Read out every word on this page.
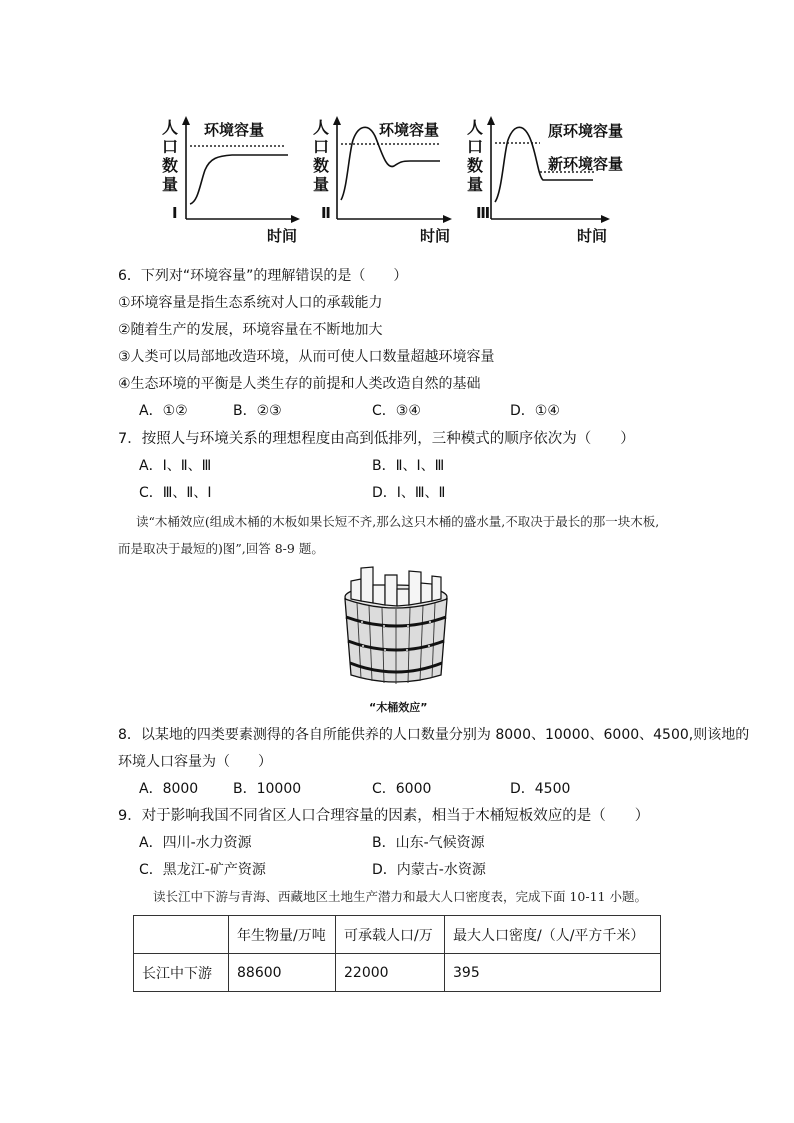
人
口
数
量
Ⅰ
环境容量
时间
人
口
数
量
Ⅱ
环境容量
时间
人
口
数
量
Ⅲ
原环境容量
新环境容量
时间
6．下列对“环境容量”的理解错误的是（　　）
①环境容量是指生态系统对人口的承载能力
②随着生产的发展，环境容量在不断地加大
③人类可以局部地改造环境，从而可使人口数量超越环境容量
④生态环境的平衡是人类生存的前提和人类改造自然的基础
A．①②	B．②③	C．③④	D．①④
7．按照人与环境关系的理想程度由高到低排列，三种模式的顺序依次为（　　）
A．Ⅰ、Ⅱ、Ⅲ	B．Ⅱ、Ⅰ、Ⅲ
C．Ⅲ、Ⅱ、Ⅰ	D．Ⅰ、Ⅲ、Ⅱ
读“木桶效应(组成木桶的木板如果长短不齐,那么这只木桶的盛水量,不取决于最长的那一块木板,
而是取决于最短的)图”,回答 8-9 题。
“木桶效应”
8．以某地的四类要素测得的各自所能供养的人口数量分别为 8000、10000、6000、4500,则该地的
环境人口容量为（　　）
A．8000 B．10000	C．6000	D．4500
9．对于影响我国不同省区人口合理容量的因素，相当于木桶短板效应的是（　　）
A．四川-水力资源	B．山东-气候资源
C．黑龙江-矿产资源	D．内蒙古-水资源
读长江中下游与青海、西藏地区土地生产潜力和最大人口密度表，完成下面 10-11 小题。
	年生物量/万吨	可承载人口/万	最大人口密度/（人/平方千米）
长江中下游	88600	22000	395
